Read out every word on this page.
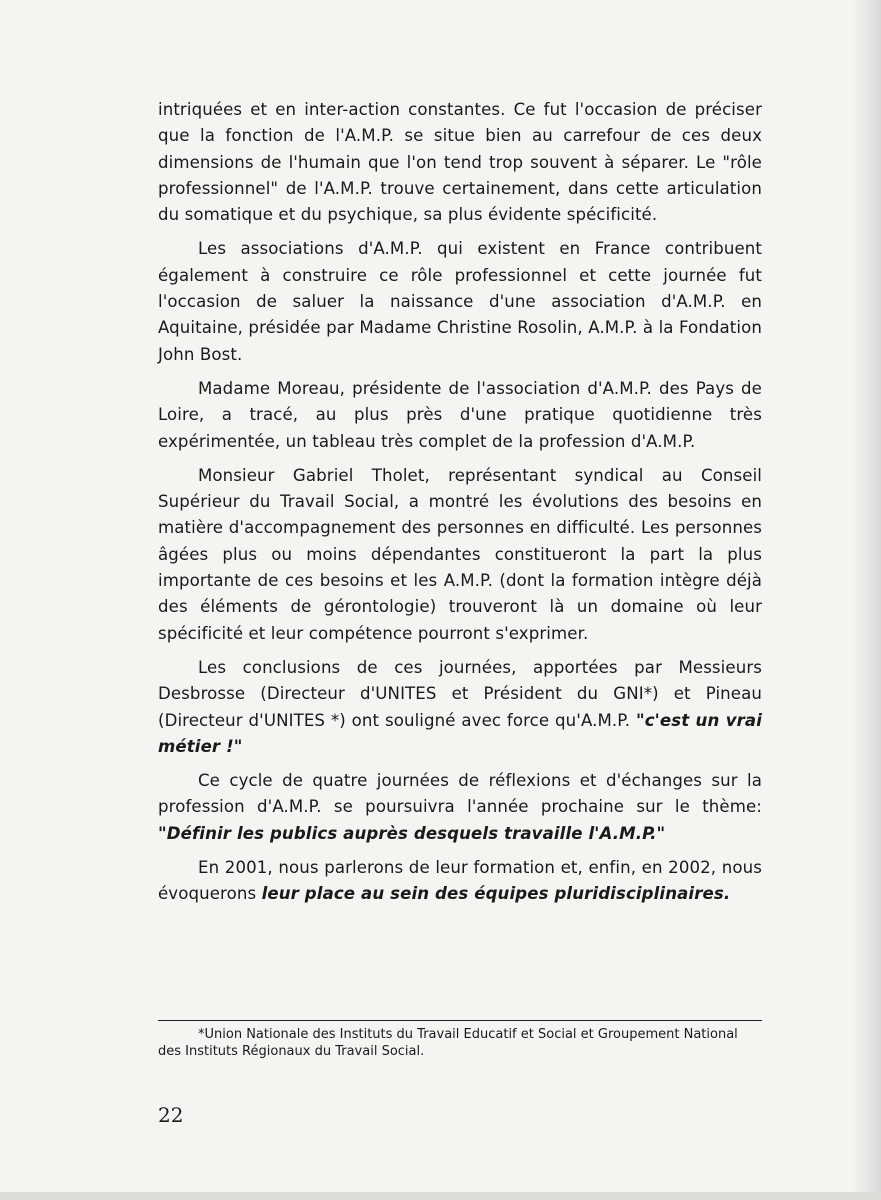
intriquées et en inter-action constantes. Ce fut l'occasion de préciser que la fonction de l'A.M.P. se situe bien au carrefour de ces deux dimensions de l'humain que l'on tend trop souvent à séparer. Le "rôle professionnel" de l'A.M.P. trouve certainement, dans cette articulation du somatique et du psychique, sa plus évidente spécificité.

Les associations d'A.M.P. qui existent en France contribuent également à construire ce rôle professionnel et cette journée fut l'occasion de saluer la naissance d'une association d'A.M.P. en Aquitaine, présidée par Madame Christine Rosolin, A.M.P. à la Fondation John Bost.

Madame Moreau, présidente de l'association d'A.M.P. des Pays de Loire, a tracé, au plus près d'une pratique quotidienne très expérimentée, un tableau très complet de la profession d'A.M.P.

Monsieur Gabriel Tholet, représentant syndical au Conseil Supérieur du Travail Social, a montré les évolutions des besoins en matière d'accompagnement des personnes en difficulté. Les personnes âgées plus ou moins dépendantes constitueront la part la plus importante de ces besoins et les A.M.P. (dont la formation intègre déjà des éléments de gérontologie) trouveront là un domaine où leur spécificité et leur compétence pourront s'exprimer.

Les conclusions de ces journées, apportées par Messieurs Desbrosse (Directeur d'UNITES et Président du GNI*) et Pineau (Directeur d'UNITES *) ont souligné avec force qu'A.M.P. "c'est un vrai métier !"

Ce cycle de quatre journées de réflexions et d'échanges sur la profession d'A.M.P. se poursuivra l'année prochaine sur le thème: "Définir les publics auprès desquels travaille l'A.M.P."

En 2001, nous parlerons de leur formation et, enfin, en 2002, nous évoquerons leur place au sein des équipes pluridisciplinaires.

*Union Nationale des Instituts du Travail Educatif et Social et Groupement National des Instituts Régionaux du Travail Social.
22
